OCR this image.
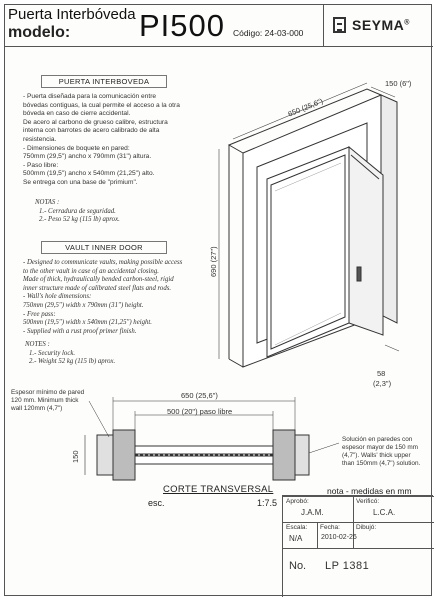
Puerta Interbóveda
modelo: PI500 Código: 24-03-000	SEYMA®
PUERTA INTERBOVEDA
- Puerta diseñada para la comunicación entre
bóvedas contiguas, la cual permite el acceso a la otra
bóveda en caso de cierre accidental.
De acero al carbono de grueso calibre, estructura
interna con barrotes de acero calibrado de alta
resistencia.
- Dimensiones de boquete en pared:
750mm (29,5") ancho x 790mm (31") altura.
- Paso libre:
500mm (19,5") ancho x 540mm (21,25") alto.
Se entrega con una base de "primium".
NOTAS :
1.- Cerradura de seguridad.
2.- Peso 52 kg (115 lb) aprox.
VAULT INNER DOOR
- Designed to communicate vaults, making possible access
to the other vault in case of an accidental closing.
Made of thick, hydraulically bended carbon-steel, rigid
inner structure made of calibrated steel flats and rods.
- Wall's hole dimensions:
750mm (29,5") width x 790mm (31") height.
- Free pass:
500mm (19,5") width x 540mm (21,25") height.
- Supplied with a rust proof primer finish.
NOTES :
1.- Security lock.
2.- Weight 52 kg (115 lb) aprox.
150 (6")
650 (25,6")
690 (27")
58
(2,3")
650 (25,6")
500 (20") paso libre
150
Espesor mínimo de pared 120 mm. Minimum thick wall 120mm (4,7")
Solución en paredes con espesor mayor de 150 mm (4,7"). Walls' thick upper than 150mm (4,7") solution.
CORTE TRANSVERSAL
esc.	1:7.5
nota - medidas en mm
Aprobó:
J.A.M.
Verificó:
L.C.A.
Escala:
N/A
Fecha:
2010-02-26
Dibujó:
No. LP 1381
